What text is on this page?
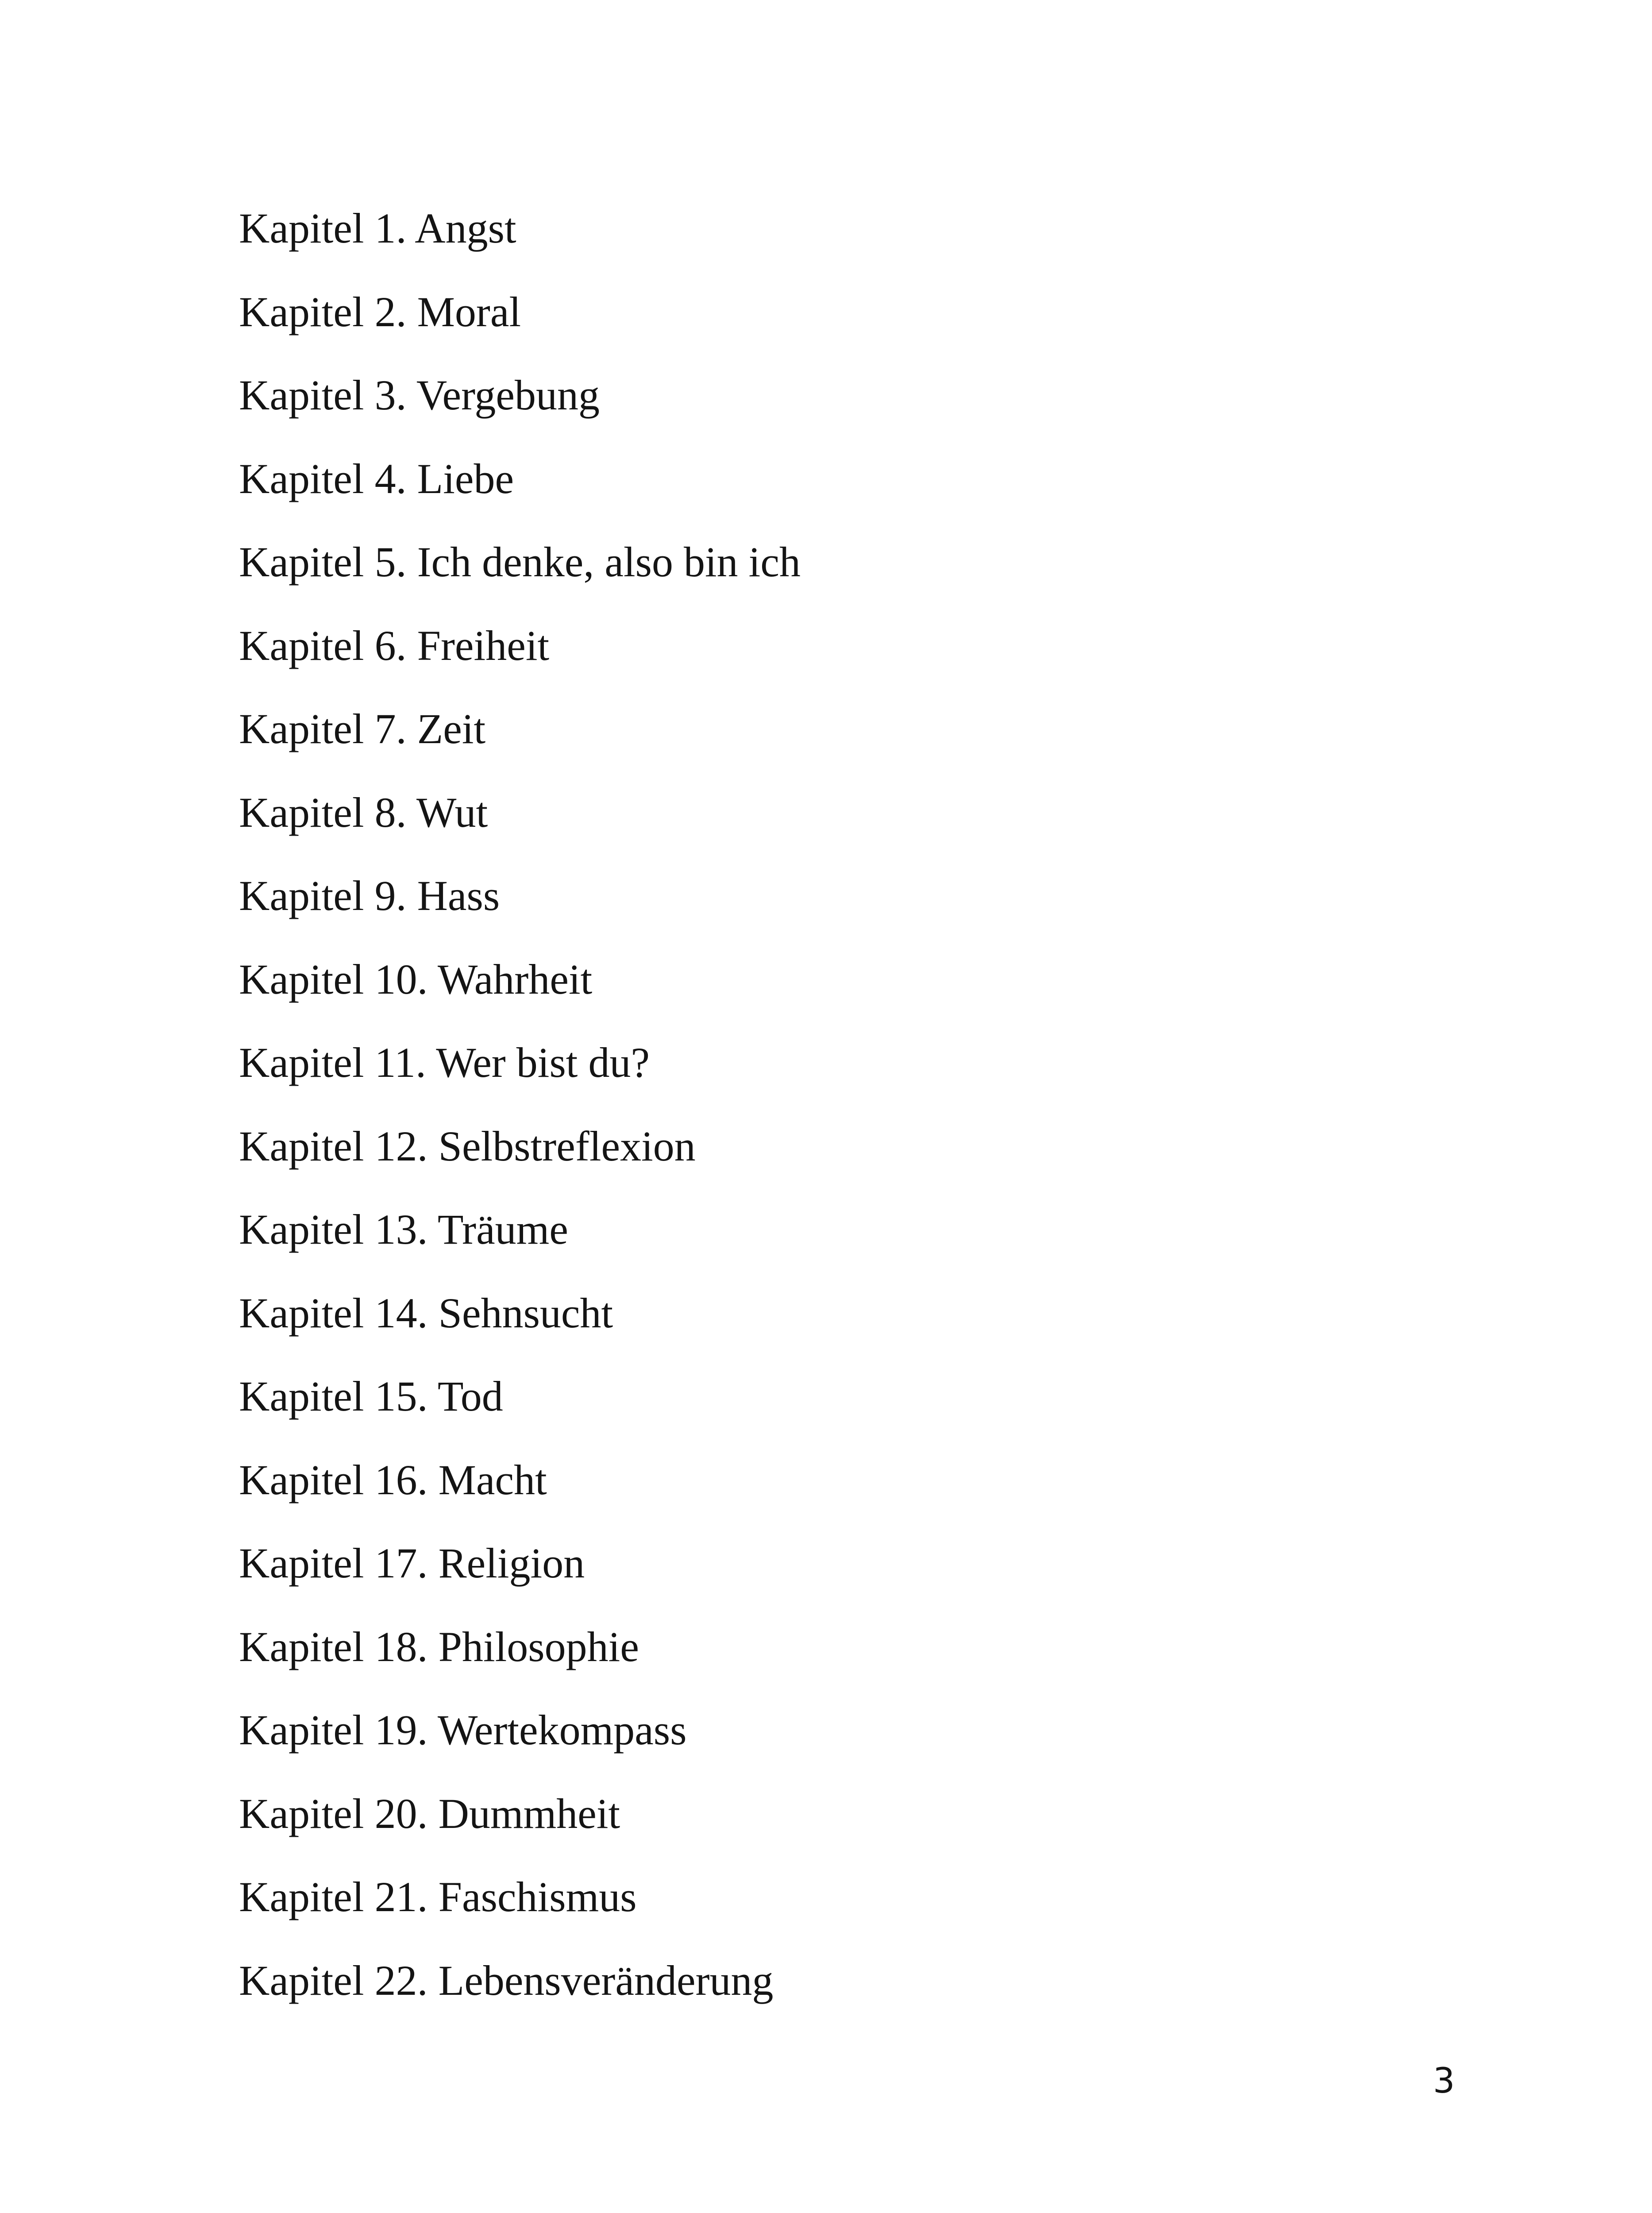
Kapitel 1. Angst
Kapitel 2. Moral
Kapitel 3. Vergebung
Kapitel 4. Liebe
Kapitel 5. Ich denke, also bin ich
Kapitel 6. Freiheit
Kapitel 7. Zeit
Kapitel 8. Wut
Kapitel 9. Hass
Kapitel 10. Wahrheit
Kapitel 11. Wer bist du?
Kapitel 12. Selbstreflexion
Kapitel 13. Träume
Kapitel 14. Sehnsucht
Kapitel 15. Tod
Kapitel 16. Macht
Kapitel 17. Religion
Kapitel 18. Philosophie
Kapitel 19. Wertekompass
Kapitel 20. Dummheit
Kapitel 21. Faschismus
Kapitel 22. Lebensveränderung
3
